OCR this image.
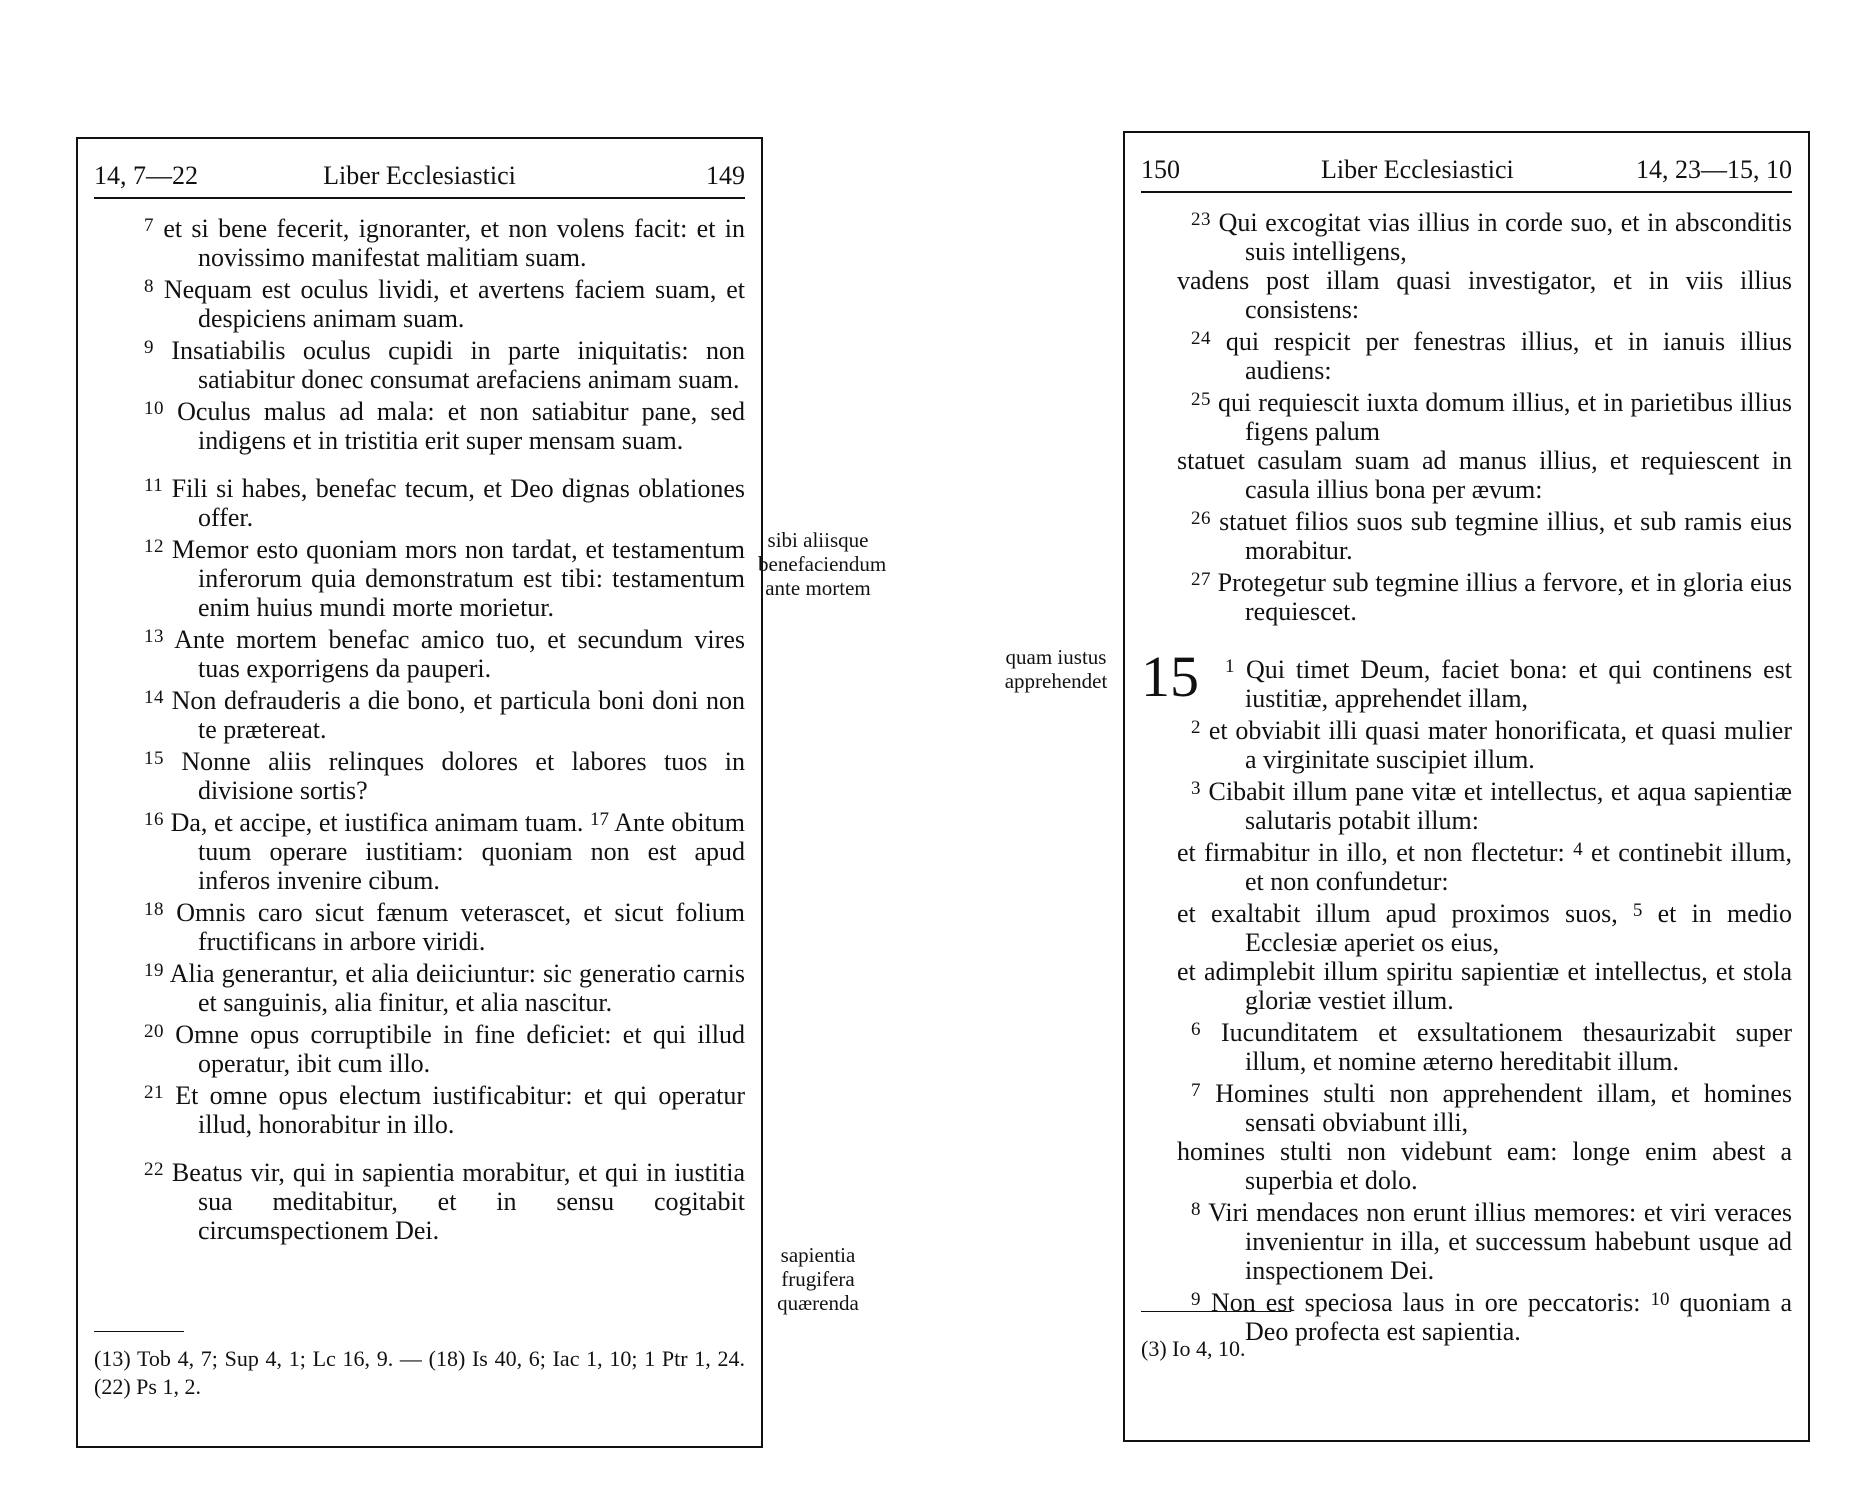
14, 7—22	Liber Ecclesiastici	149
$^7$ et si bene fecerit, ignoranter, et non volens facit: et in novissimo manifestat malitiam suam.
$^8$ Nequam est oculus lividi, et avertens faciem suam, et despiciens animam suam.
$^9$ Insatiabilis oculus cupidi in parte iniquitatis: non satiabitur donec consumat arefaciens animam suam.
$^{10}$ Oculus malus ad mala: et non satiabitur pane, sed indigens et in tristitia erit super mensam suam.
$^{11}$ Fili si habes, benefac tecum, et Deo dignas oblationes offer.
$^{12}$ Memor esto quoniam mors non tardat, et testamentum inferorum quia demonstratum est tibi: testamentum enim huius mundi morte morietur.
$^{13}$ Ante mortem benefac amico tuo, et secundum vires tuas exporrigens da pauperi.
$^{14}$ Non defrauderis a die bono, et particula boni doni non te prætereat.
$^{15}$ Nonne aliis relinques dolores et labores tuos in divisione sortis?
$^{16}$ Da, et accipe, et iustifica animam tuam. $^{17}$ Ante obitum tuum operare iustitiam: quoniam non est apud inferos invenire cibum.
$^{18}$ Omnis caro sicut fænum veterascet, et sicut folium fructificans in arbore viridi.
$^{19}$ Alia generantur, et alia deiiciuntur: sic generatio carnis et sanguinis, alia finitur, et alia nascitur.
$^{20}$ Omne opus corruptibile in fine deficiet: et qui illud operatur, ibit cum illo.
$^{21}$ Et omne opus electum iustificabitur: et qui operatur illud, honorabitur in illo.
$^{22}$ Beatus vir, qui in sapientia morabitur, et qui in iustitia sua meditabitur, et in sensu cogitabit circumspectionem Dei.
(13) Tob 4, 7; Sup 4, 1; Lc 16, 9. — (18) Is 40, 6; Iac 1, 10; 1 Ptr 1, 24. (22) Ps 1, 2.
sibi aliisque benefaciendum ante mortem
sapientia frugifera quærenda
quam iustus apprehendet
150	Liber Ecclesiastici	14, 23—15, 10
$^{23}$ Qui excogitat vias illius in corde suo, et in absconditis suis intelligens,
vadens post illam quasi investigator, et in viis illius consistens:
$^{24}$ qui respicit per fenestras illius, et in ianuis illius audiens:
$^{25}$ qui requiescit iuxta domum illius, et in parietibus illius figens palum
statuet casulam suam ad manus illius, et requiescent in casula illius bona per ævum:
$^{26}$ statuet filios suos sub tegmine illius, et sub ramis eius morabitur.
$^{27}$ Protegetur sub tegmine illius a fervore, et in gloria eius requiescet.
15	$^1$ Qui timet Deum, faciet bona: et qui continens est iustitiæ, apprehendet illam,
$^2$ et obviabit illi quasi mater honorificata, et quasi mulier a virginitate suscipiet illum.
$^3$ Cibabit illum pane vitæ et intellectus, et aqua sapientiæ salutaris potabit illum:
et firmabitur in illo, et non flectetur: $^4$ et continebit illum, et non confundetur:
et exaltabit illum apud proximos suos, $^5$ et in medio Ecclesiæ aperiet os eius,
et adimplebit illum spiritu sapientiæ et intellectus, et stola gloriæ vestiet illum.
$^6$ Iucunditatem et exsultationem thesaurizabit super illum, et nomine æterno hereditabit illum.
$^7$ Homines stulti non apprehendent illam, et homines sensati obviabunt illi,
homines stulti non videbunt eam: longe enim abest a superbia et dolo.
$^8$ Viri mendaces non erunt illius memores: et viri veraces invenientur in illa, et successum habebunt usque ad inspectionem Dei.
$^9$ Non est speciosa laus in ore peccatoris: $^{10}$ quoniam a Deo profecta est sapientia.
(3) Io 4, 10.
